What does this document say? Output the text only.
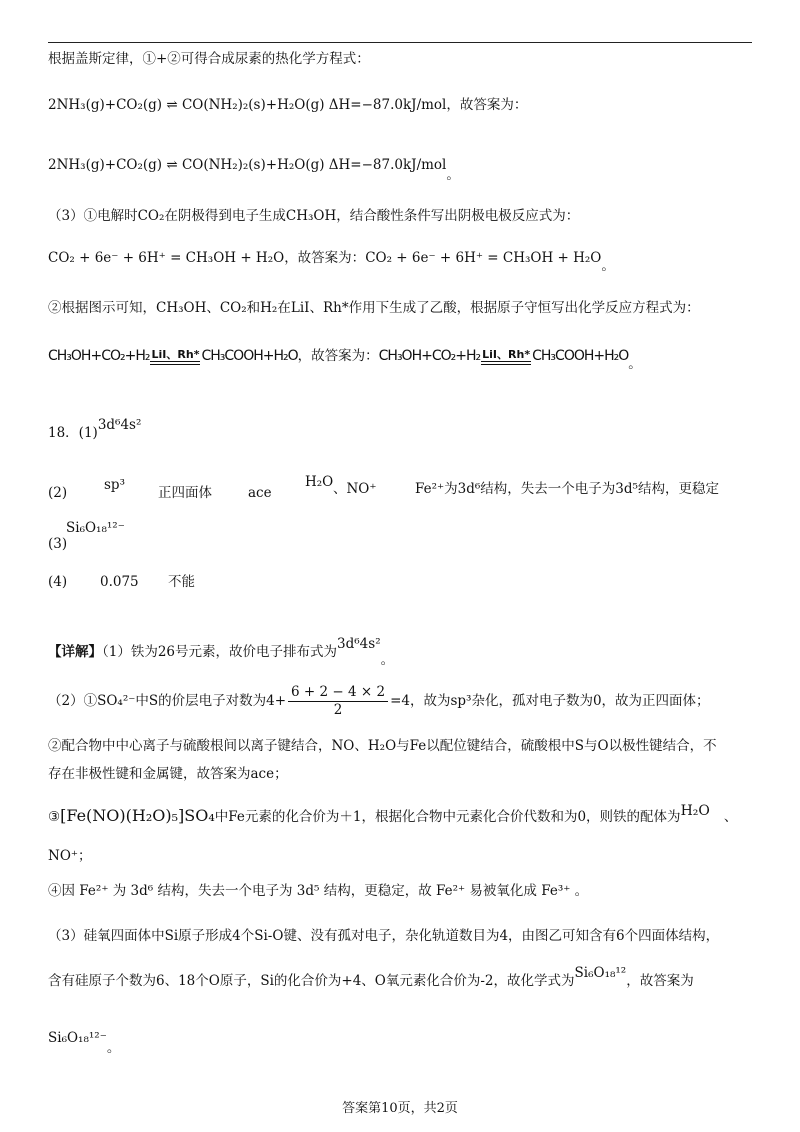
根据盖斯定律，①+②可得合成尿素的热化学方程式：
2NH₃(g)+CO₂(g) ⇌ CO(NH₂)₂(s)+H₂O(g) ΔH=−87.0kJ/mol，故答案为：
2NH₃(g)+CO₂(g) ⇌ CO(NH₂)₂(s)+H₂O(g) ΔH=−87.0kJ/mol。
（3）①电解时CO₂在阴极得到电子生成CH₃OH，结合酸性条件写出阴极电极反应式为：
CO₂ + 6e⁻ + 6H⁺ = CH₃OH + H₂O，故答案为：CO₂ + 6e⁻ + 6H⁺ = CH₃OH + H₂O。
②根据图示可知，CH₃OH、CO₂和H₂在LiI、Rh*作用下生成了乙酸，根据原子守恒写出化学反应方程式为：
CH₃OH+CO₂+H₂ LiI、Rh* CH₃COOH+H₂O，故答案为：CH₃OH+CO₂+H₂ LiI、Rh* CH₃COOH+H₂O。
18．(1)3d⁶4s²
(2)	sp³ 正四面体	ace
H₂O 、NO⁺	Fe²⁺为3d⁶结构，失去一个电子为3d⁵结构，更稳定
(3)
Si₆O₁₈¹²⁻
(4) 0.075 不能
【详解】（1）铁为26号元素，故价电子排布式为3d⁶4s²。
（2）①SO₄²⁻中S的价层电子对数为$4+ \frac{6 + 2 - 4 \times 2}{2} =4$，故为sp³杂化，孤对电子数为0，故为正四面体；
②配合物中中心离子与硫酸根间以离子键结合，NO、H₂O与Fe以配位键结合，硫酸根中S与O以极性键结合，不
存在非极性键和金属键，故答案为ace；
③[Fe(NO)(H₂O)₅]SO₄中Fe元素的化合价为＋1，根据化合物中元素化合价代数和为0，则铁的配体为H₂O 、
NO⁺；
④因 Fe²⁺ 为 3d⁶ 结构，失去一个电子为 3d⁵ 结构，更稳定，故 Fe²⁺ 易被氧化成 Fe³⁺ 。
（3）硅氧四面体中Si原子形成4个Si-O键、没有孤对电子，杂化轨道数目为4，由图乙可知含有6个四面体结构，
含有硅原子个数为6、18个O原子，Si的化合价为+4、O氧元素化合价为-2，故化学式为Si₆O₁₈¹²，故答案为
Si₆O₁₈¹²⁻。
答案第10页，共2页
